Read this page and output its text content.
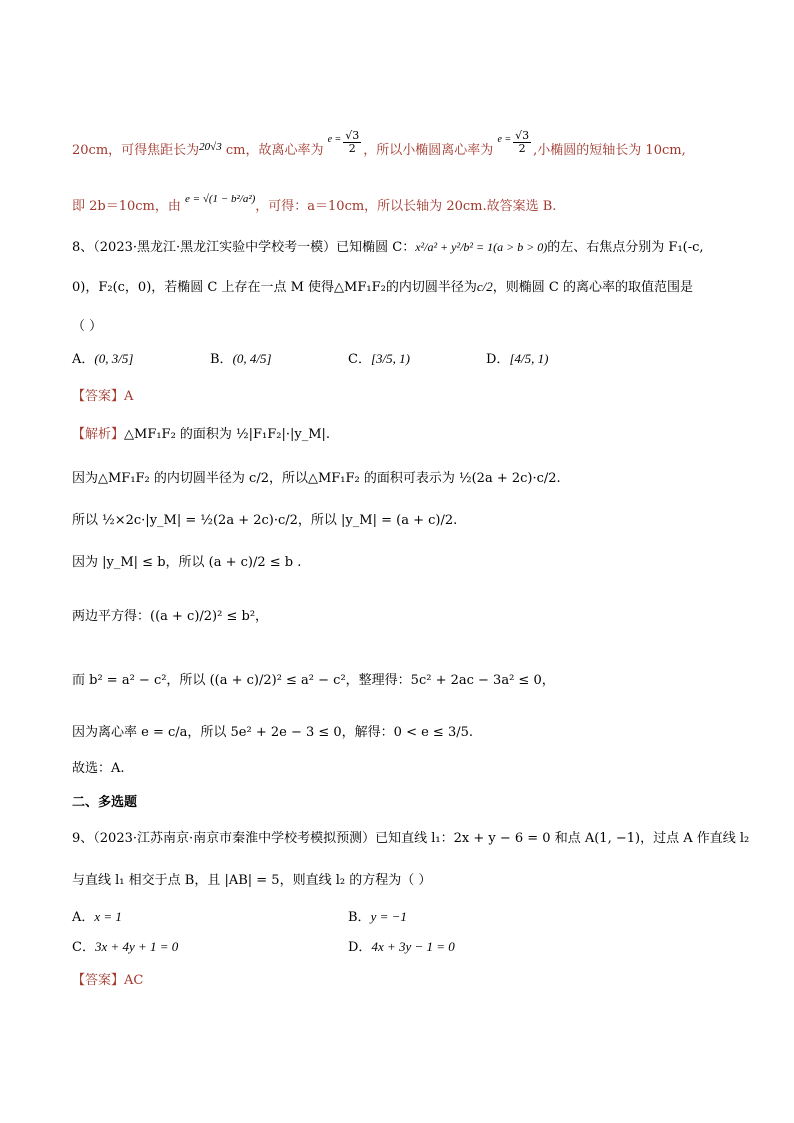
20cm，可得焦距长为$^{20√3}$ cm，故离心率为 $^{e =} \frac{√3}{2}$ ，所以小椭圆离心率为 $^{e =} \frac{√3}{2}$ ,小椭圆的短轴长为 10cm,
即 2b＝10cm，由 $^{e = √(1 - b^2/a^2)}$，可得：a＝10cm，所以长轴为 20cm.故答案选 B.
8、（2023·黑龙江·黑龙江实验中学校考一模）已知椭圆 C：x²/a² + y²/b² = 1(a > b > 0)的左、右焦点分别为 F₁(-c,
0)，F₂(c，0)，若椭圆 C 上存在一点 M 使得△MF₁F₂的内切圆半径为c/2，则椭圆 C 的离心率的取值范围是
（ ）
A．(0, 3/5]	B．(0, 4/5]	C．[3/5, 1)	D．[4/5, 1)
【答案】A
【解析】△MF₁F₂ 的面积为 ½|F₁F₂|·|y_M|.
因为△MF₁F₂ 的内切圆半径为 c/2，所以△MF₁F₂ 的面积可表示为 ½(2a + 2c)·c/2.
所以 ½×2c·|y_M| = ½(2a + 2c)·c/2，所以 |y_M| = (a + c)/2.
因为 |y_M| ≤ b，所以 (a + c)/2 ≤ b .
两边平方得：((a + c)/2)² ≤ b²，
而 b² = a² − c²，所以 ((a + c)/2)² ≤ a² − c²，整理得：5c² + 2ac − 3a² ≤ 0，
因为离心率 e = c/a，所以 5e² + 2e − 3 ≤ 0，解得：0 < e ≤ 3/5.
故选：A.
二、多选题
9、（2023·江苏南京·南京市秦淮中学校考模拟预测）已知直线 l₁：2x + y − 6 = 0 和点 A(1, −1)，过点 A 作直线 l₂
与直线 l₁ 相交于点 B，且 |AB| = 5，则直线 l₂ 的方程为（ ）
A．x = 1	B．y = −1
C．3x + 4y + 1 = 0	D．4x + 3y − 1 = 0
【答案】AC
